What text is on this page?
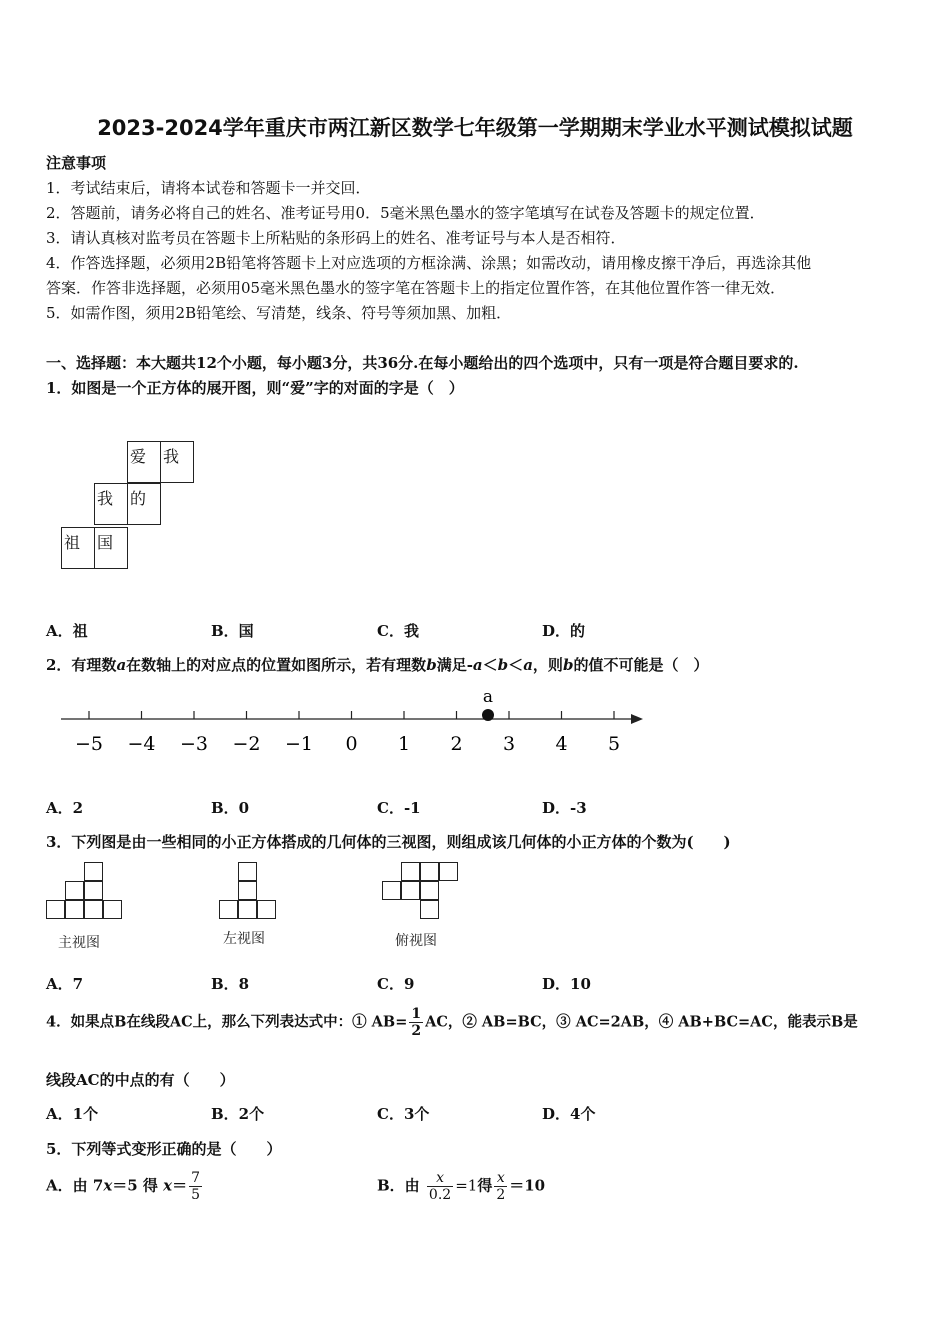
2023-2024学年重庆市两江新区数学七年级第一学期期末学业水平测试模拟试题
注意事项
1．考试结束后，请将本试卷和答题卡一并交回．
2．答题前，请务必将自己的姓名、准考证号用0．5毫米黑色墨水的签字笔填写在试卷及答题卡的规定位置．
3．请认真核对监考员在答题卡上所粘贴的条形码上的姓名、准考证号与本人是否相符．
4．作答选择题，必须用2B铅笔将答题卡上对应选项的方框涂满、涂黑；如需改动，请用橡皮擦干净后，再选涂其他
答案．作答非选择题，必须用05毫米黑色墨水的签字笔在答题卡上的指定位置作答，在其他位置作答一律无效．
5．如需作图，须用2B铅笔绘、写清楚，线条、符号等须加黑、加粗．
一、选择题：本大题共12个小题，每小题3分，共36分.在每小题给出的四个选项中，只有一项是符合题目要求的.
1．如图是一个正方体的展开图，则“爱”字的对面的字是（　）
爱	我
我	的
祖	国
A．祖	B．国	C．我	D．的
2．有理数a在数轴上的对应点的位置如图所示，若有理数b满足-a＜b＜a，则b的值不可能是（　）
−5 −4 −3 −2 −1 0 1 2 3 4 5
a
A．2	B．0	C．-1	D．-3
3．下列图是由一些相同的小正方体搭成的几何体的三视图，则组成该几何体的小正方体的个数为(　　)
主视图	左视图	俯视图
A．7	B．8	C．9	D．10
4．如果点B在线段AC上，那么下列表达式中：① $AB= \frac{1}{2}$ AC，② AB=BC，③ AC=2AB，④ AB+BC=AC，能表示B是
线段AC的中点的有（　　）
A．1个	B．2个	C．3个	D．4个
5．下列等式变形正确的是（　　）
A．由 7x＝5 得 $x= \frac{7}{5}$	B．由 $\frac{x}{0.2} =1$得 $\frac{x}{2} =10$
